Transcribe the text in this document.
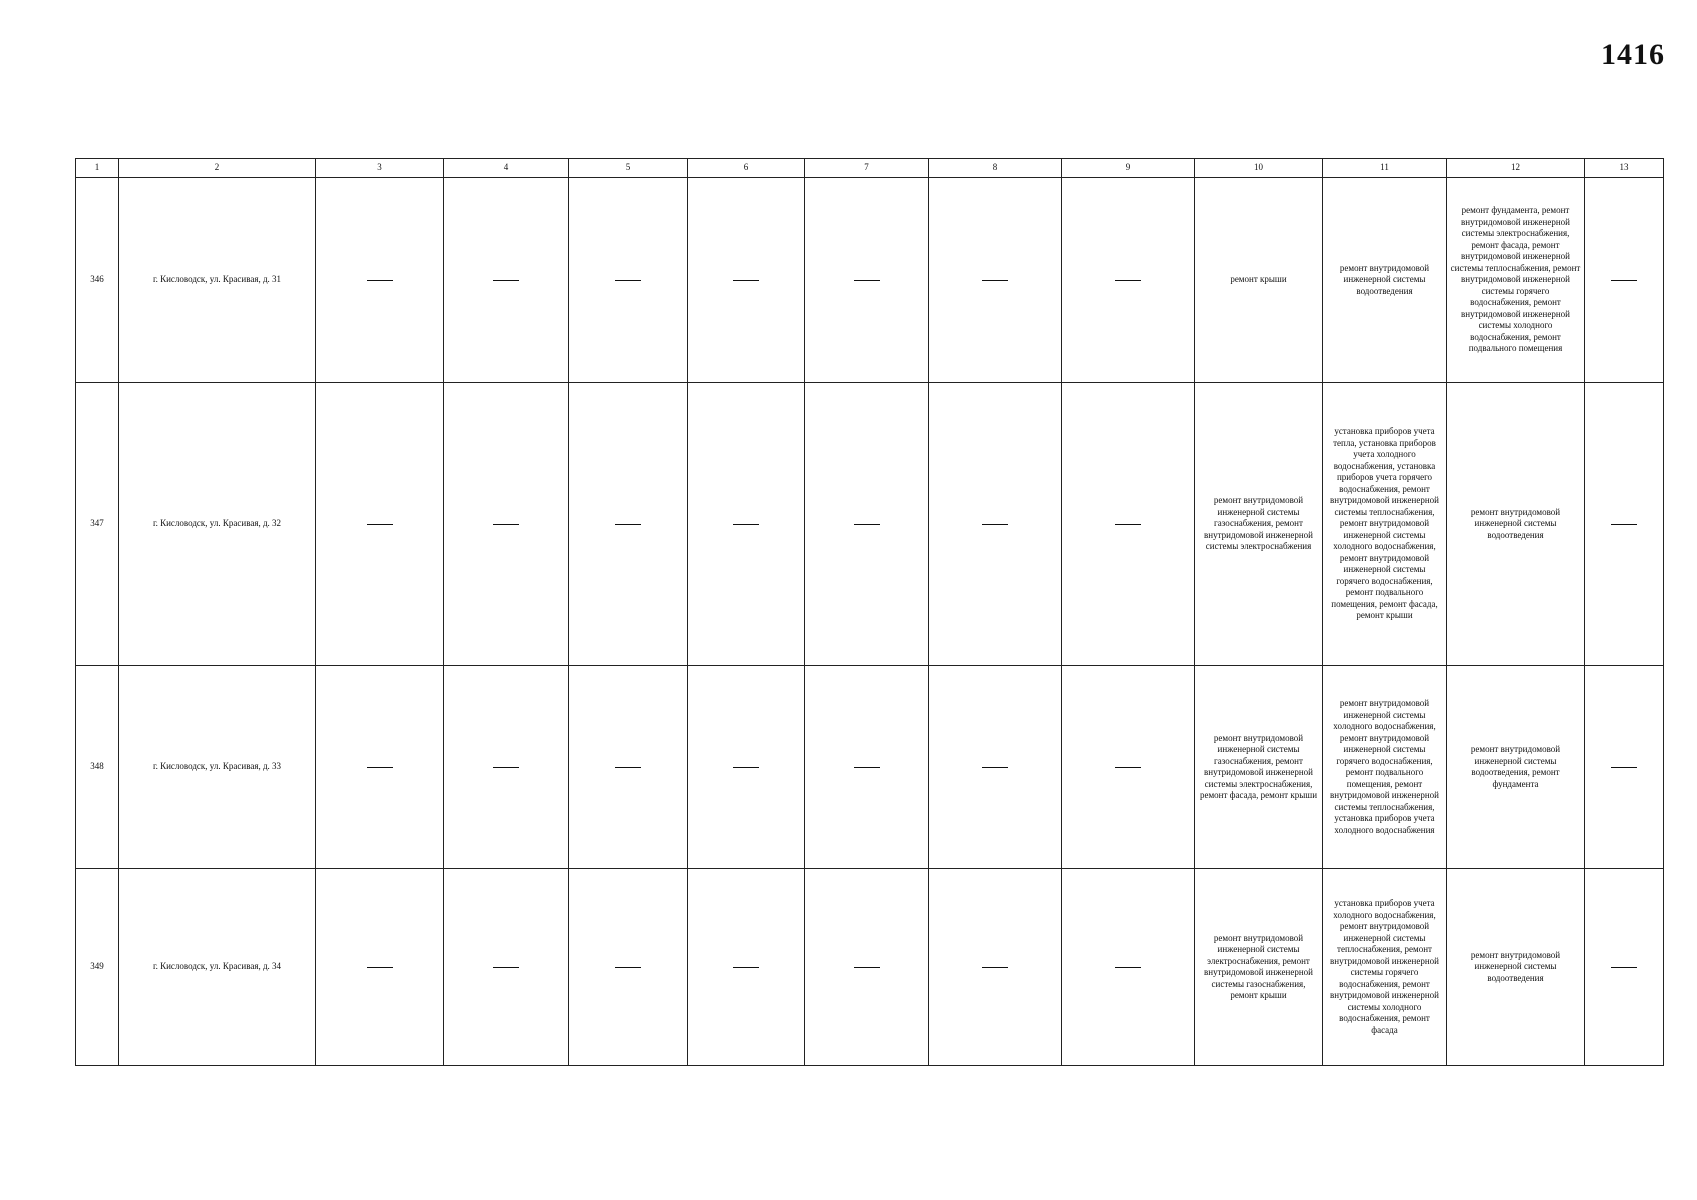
1416
1	2	3	4	5	6	7	8	9	10	11	12	13
346	г. Кисловодск, ул. Красивая, д. 31								ремонт крыши	ремонт внутридомовой инженерной системы водоотведения	ремонт фундамента, ремонт внутридомовой инженерной системы электроснабжения, ремонт фасада, ремонт внутридомовой инженерной системы теплоснабжения, ремонт внутридомовой инженерной системы горячего водоснабжения, ремонт внутридомовой инженерной системы холодного водоснабжения, ремонт подвального помещения	
347	г. Кисловодск, ул. Красивая, д. 32								ремонт внутридомовой инженерной системы газоснабжения, ремонт внутридомовой инженерной системы электроснабжения	установка приборов учета тепла, установка приборов учета холодного водоснабжения, установка приборов учета горячего водоснабжения, ремонт внутридомовой инженерной системы теплоснабжения, ремонт внутридомовой инженерной системы холодного водоснабжения, ремонт внутридомовой инженерной системы горячего водоснабжения, ремонт подвального помещения, ремонт фасада, ремонт крыши	ремонт внутридомовой инженерной системы водоотведения	
348	г. Кисловодск, ул. Красивая, д. 33								ремонт внутридомовой инженерной системы газоснабжения, ремонт внутридомовой инженерной системы электроснабжения, ремонт фасада, ремонт крыши	ремонт внутридомовой инженерной системы холодного водоснабжения, ремонт внутридомовой инженерной системы горячего водоснабжения, ремонт подвального помещения, ремонт внутридомовой инженерной системы теплоснабжения, установка приборов учета холодного водоснабжения	ремонт внутридомовой инженерной системы водоотведения, ремонт фундамента	
349	г. Кисловодск, ул. Красивая, д. 34								ремонт внутридомовой инженерной системы электроснабжения, ремонт внутридомовой инженерной системы газоснабжения, ремонт крыши	установка приборов учета холодного водоснабжения, ремонт внутридомовой инженерной системы теплоснабжения, ремонт внутридомовой инженерной системы горячего водоснабжения, ремонт внутридомовой инженерной системы холодного водоснабжения, ремонт фасада	ремонт внутридомовой инженерной системы водоотведения	
